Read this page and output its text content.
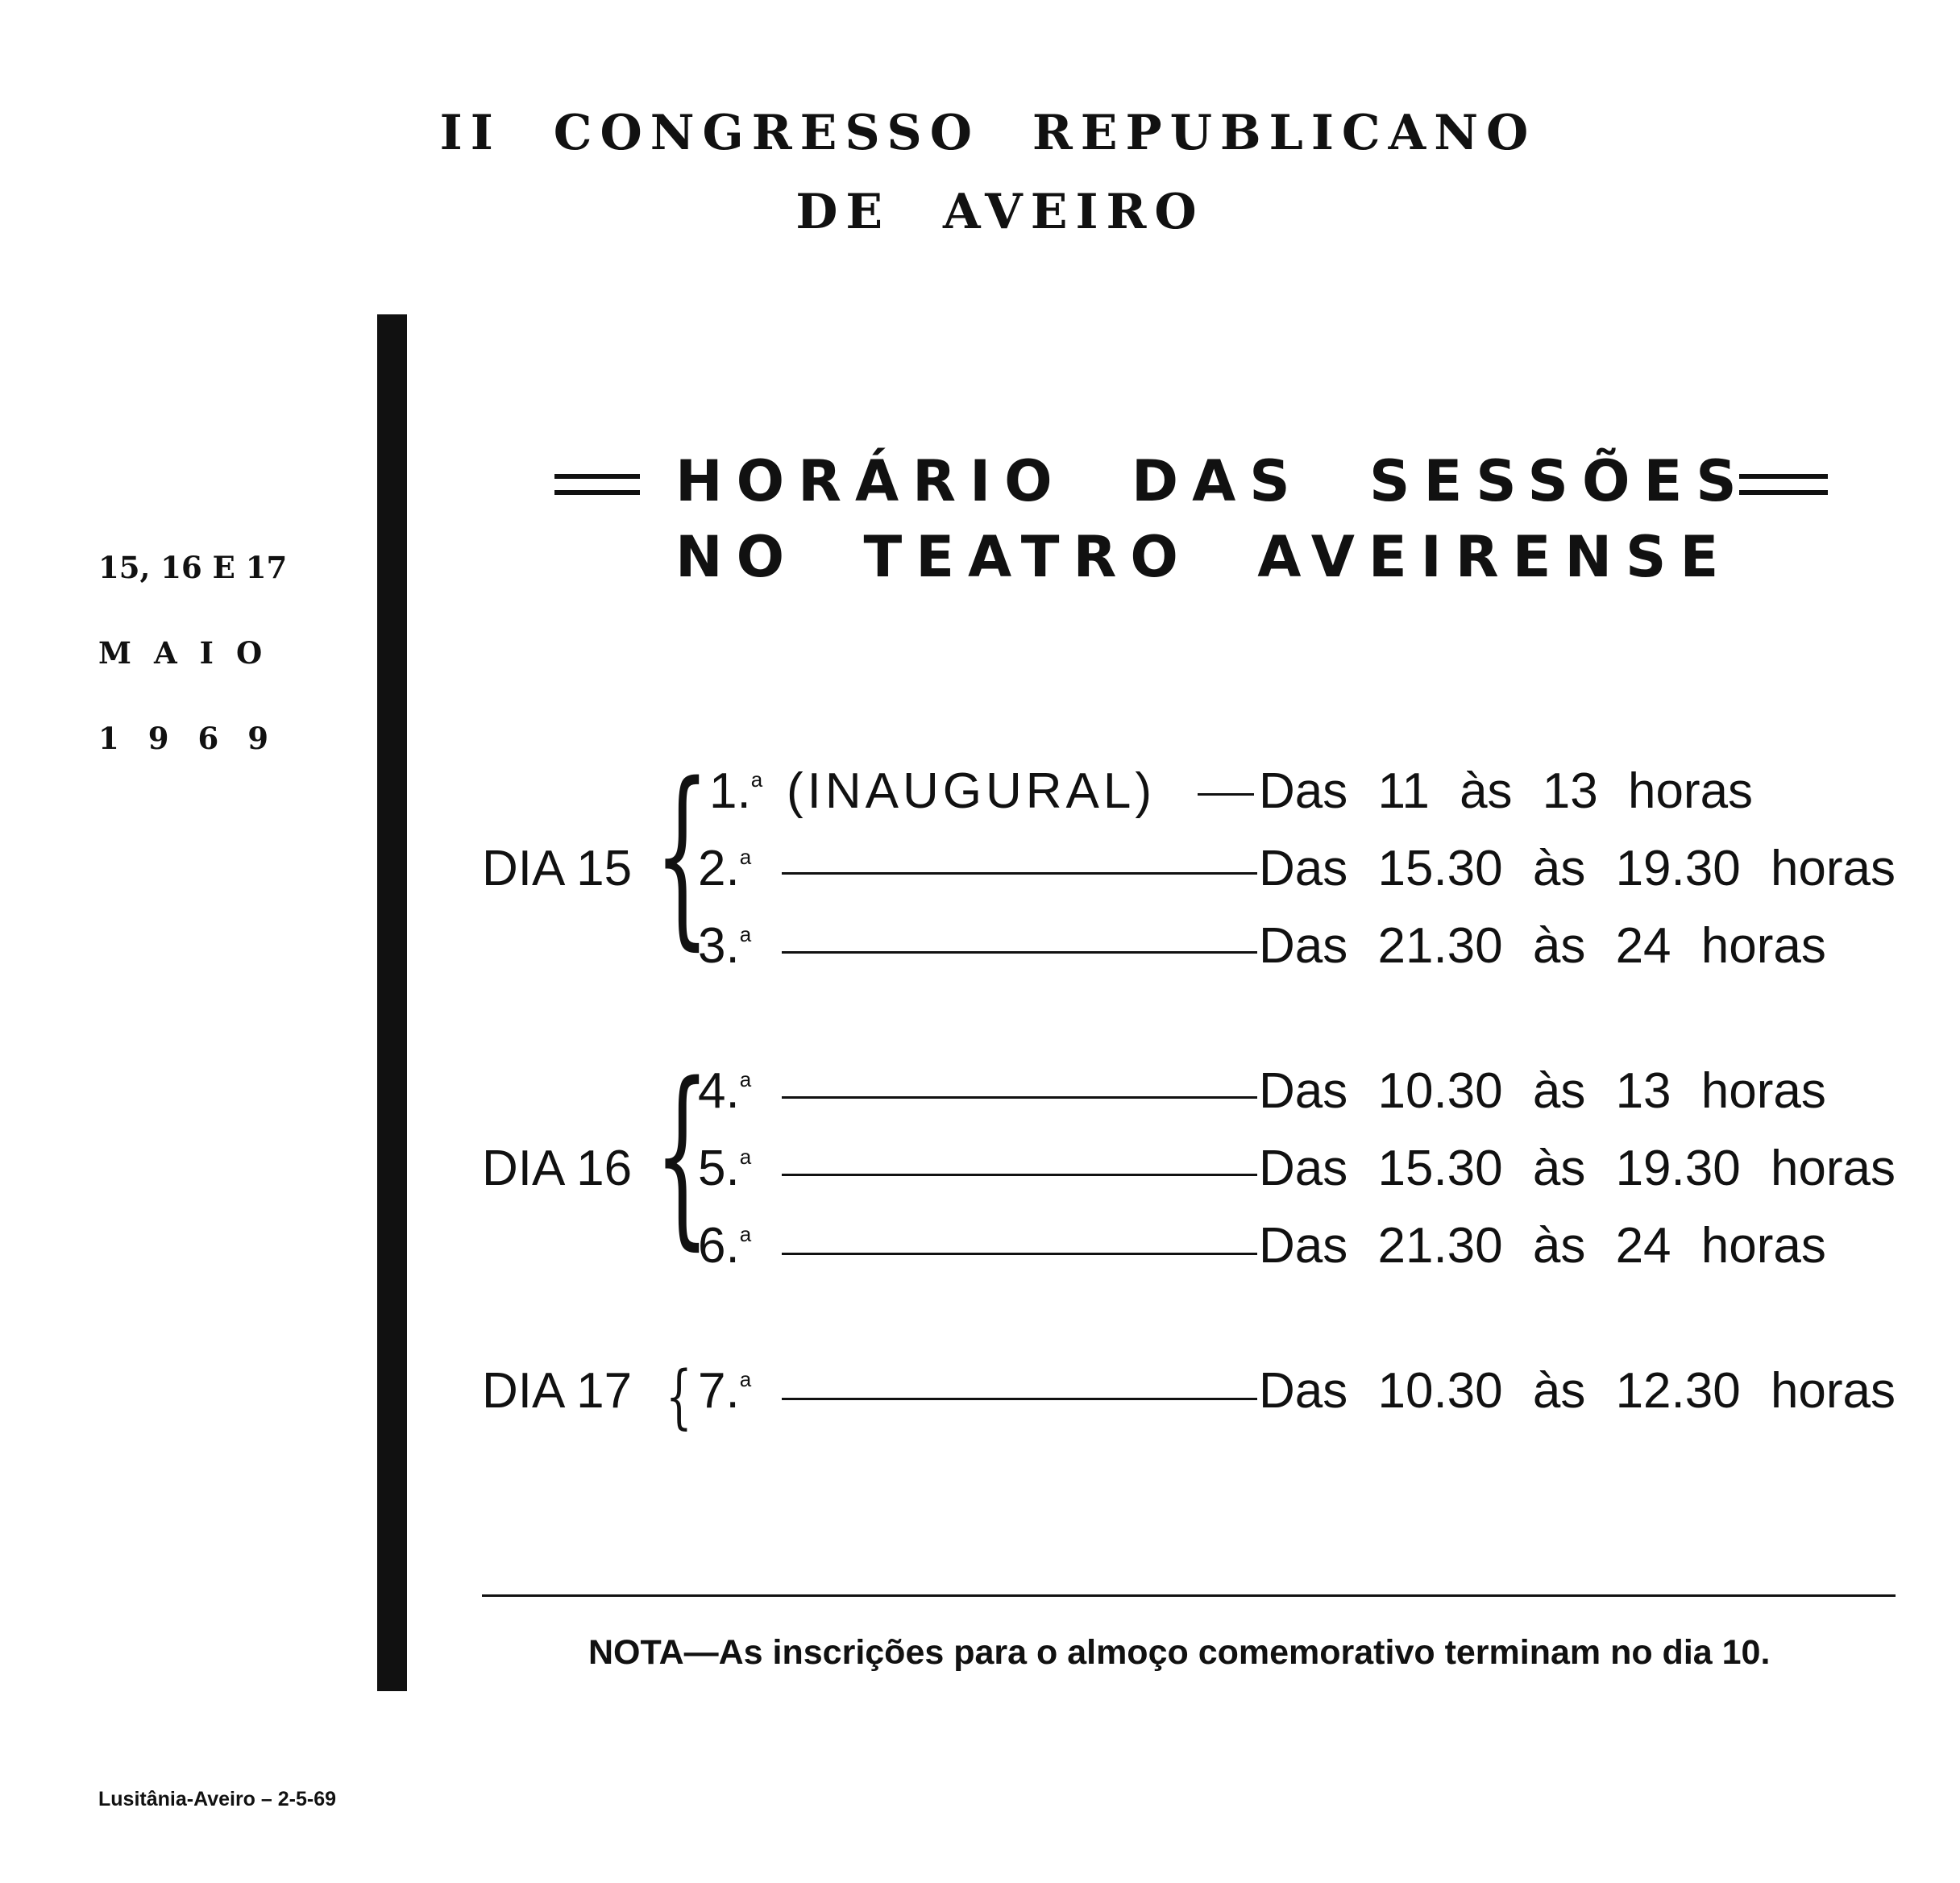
II CONGRESSO REPUBLICANO
DE AVEIRO
15, 16 E 17
MAIO
1969
HORÁRIO DAS SESSÕES
NO TEATRO AVEIRENSE
DIA 15 { 1.$^a$ (INAUGURAL) Das 11 às 13 horas
2.$^a$	Das 15.30 às 19.30 horas
3.$^a$	Das 21.30 às 24 horas
DIA 16 {
4.$^a$	Das 10.30 às 13 horas
5.$^a$	Das 15.30 às 19.30 horas
6.$^a$	Das 21.30 às 24 horas
DIA 17 { 7.$^a$	Das 10.30 às 12.30 horas
NOTA—As inscrições para o almoço comemorativo terminam no dia 10.
Lusitânia-Aveiro – 2-5-69
